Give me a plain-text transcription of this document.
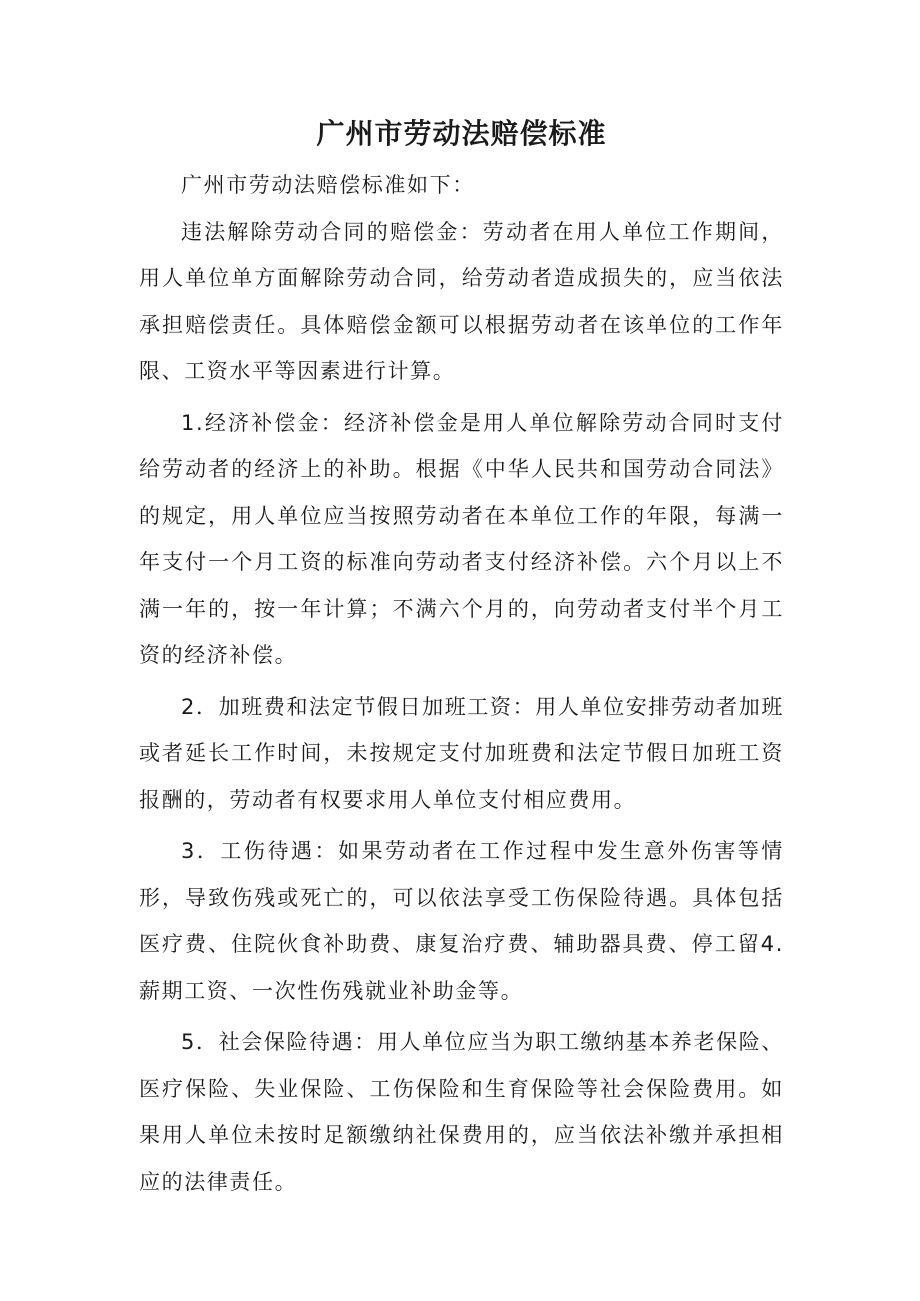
广州市劳动法赔偿标准

广州市劳动法赔偿标准如下：

违法解除劳动合同的赔偿金：劳动者在用人单位工作期间，用人单位单方面解除劳动合同，给劳动者造成损失的，应当依法承担赔偿责任。具体赔偿金额可以根据劳动者在该单位的工作年限、工资水平等因素进行计算。

1.经济补偿金：经济补偿金是用人单位解除劳动合同时支付给劳动者的经济上的补助。根据《中华人民共和国劳动合同法》的规定，用人单位应当按照劳动者在本单位工作的年限，每满一年支付一个月工资的标准向劳动者支付经济补偿。六个月以上不满一年的，按一年计算；不满六个月的，向劳动者支付半个月工资的经济补偿。

2．加班费和法定节假日加班工资：用人单位安排劳动者加班或者延长工作时间，未按规定支付加班费和法定节假日加班工资报酬的，劳动者有权要求用人单位支付相应费用。

3．工伤待遇：如果劳动者在工作过程中发生意外伤害等情形，导致伤残或死亡的，可以依法享受工伤保险待遇。具体包括医疗费、住院伙食补助费、康复治疗费、辅助器具费、停工留4.薪期工资、一次性伤残就业补助金等。

5．社会保险待遇：用人单位应当为职工缴纳基本养老保险、医疗保险、失业保险、工伤保险和生育保险等社会保险费用。如果用人单位未按时足额缴纳社保费用的，应当依法补缴并承担相应的法律责任。
